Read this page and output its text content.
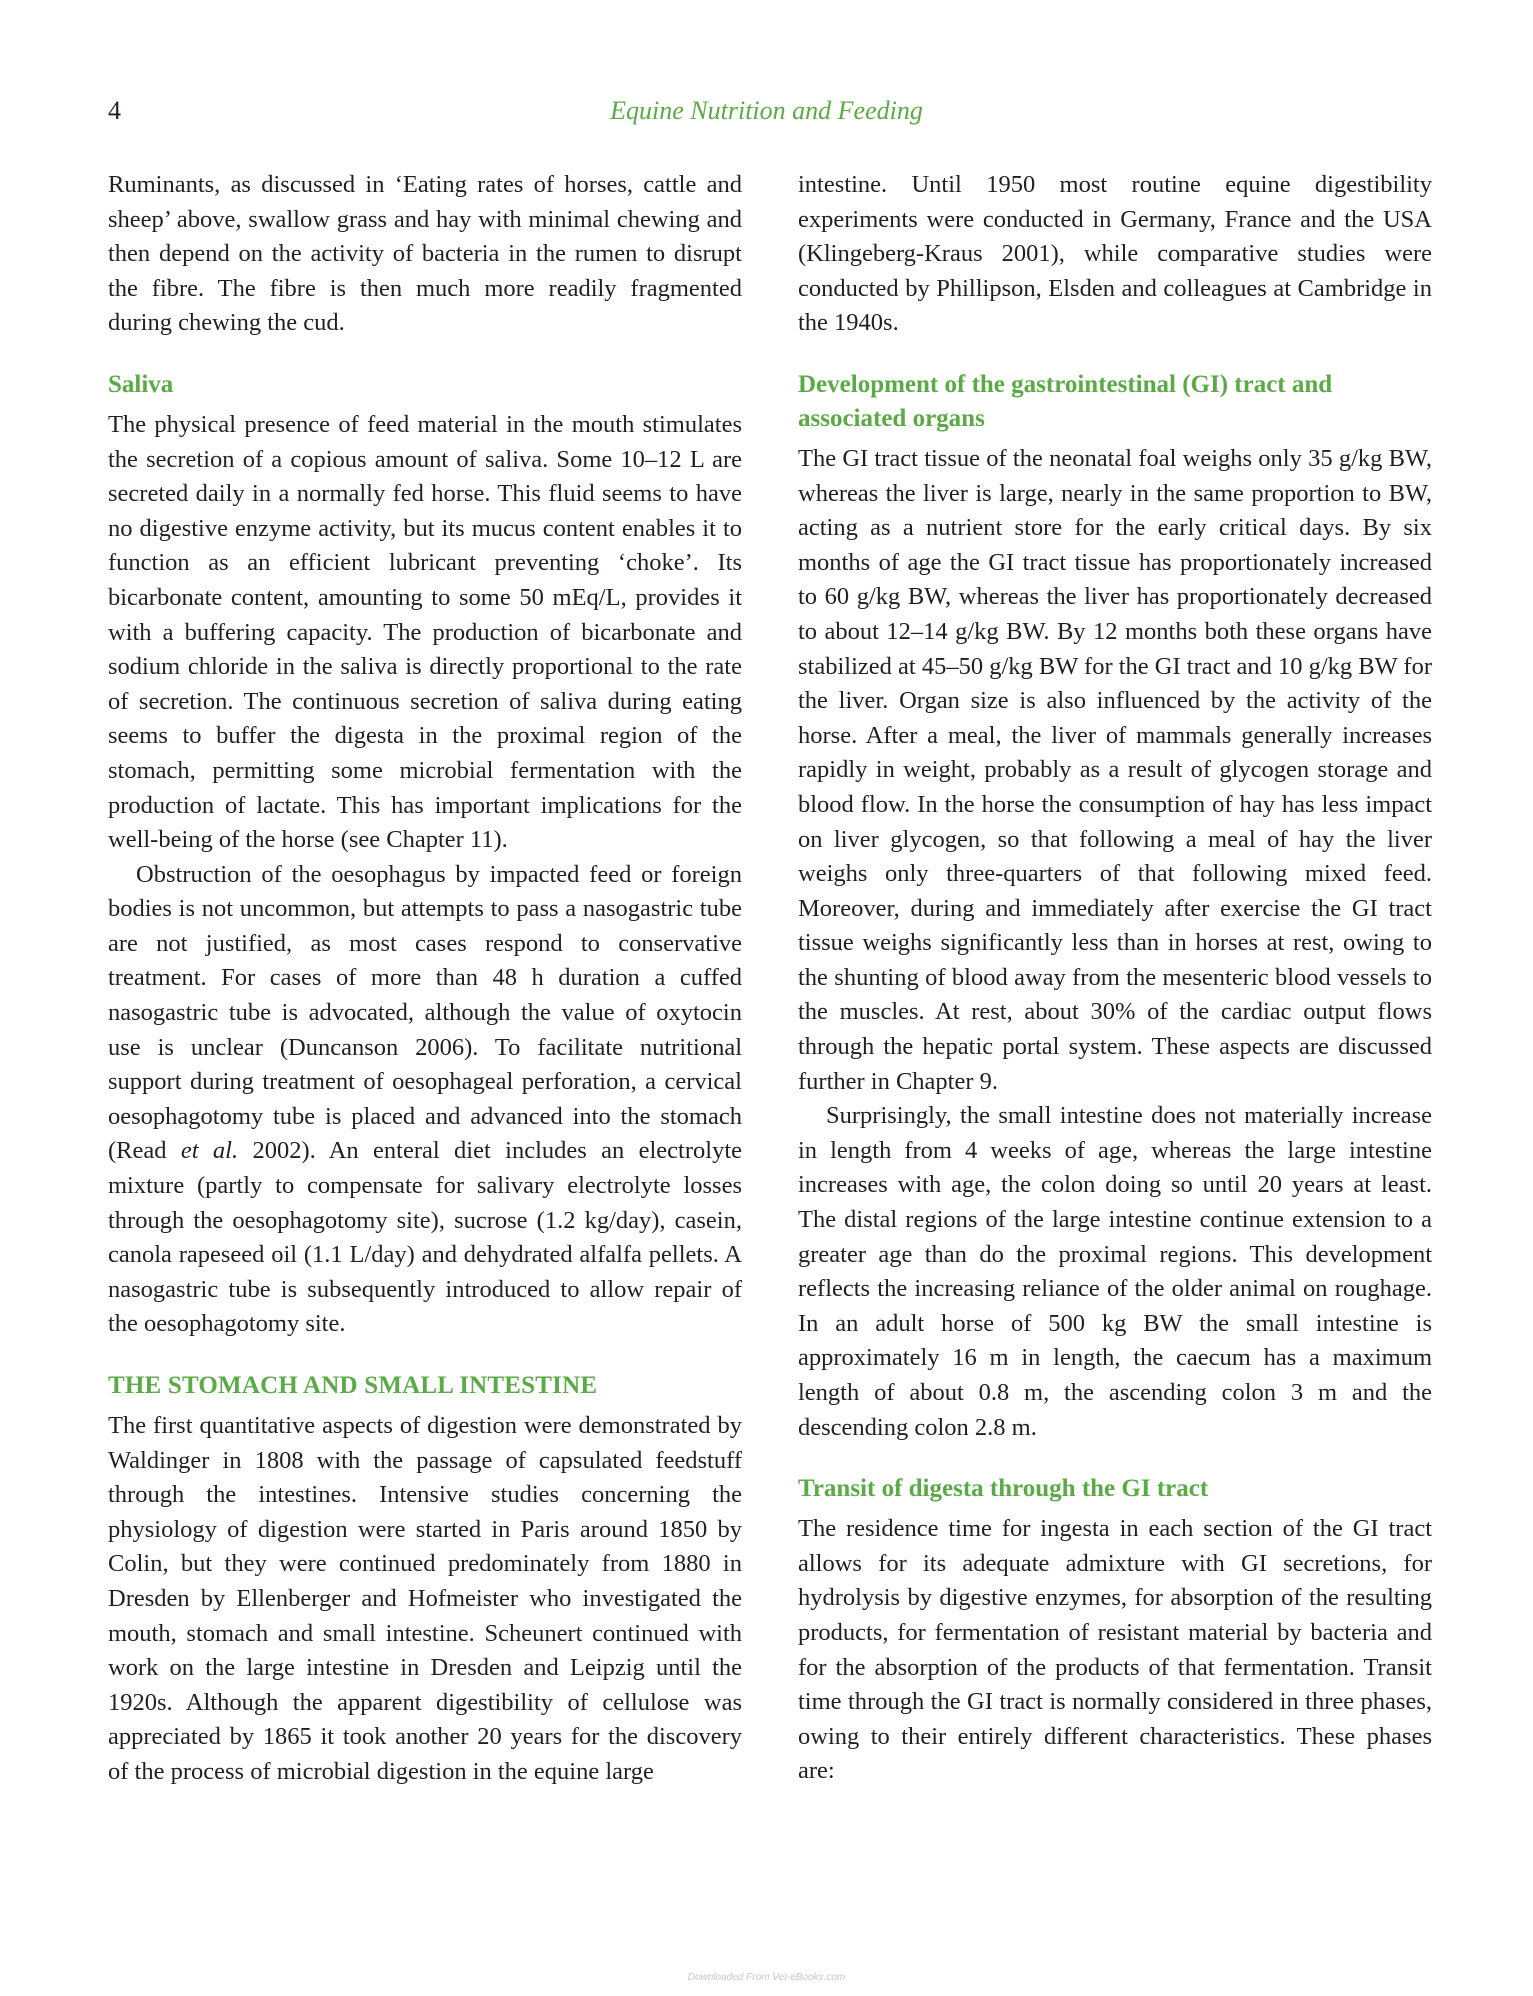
4	Equine Nutrition and Feeding

Ruminants, as discussed in ‘Eating rates of horses, cattle and sheep’ above, swallow grass and hay with minimal chewing and then depend on the activity of bacteria in the rumen to disrupt the fibre. The fibre is then much more readily fragmented during chewing the cud.

Saliva

The physical presence of feed material in the mouth stimulates the secretion of a copious amount of saliva. Some 10–12 L are secreted daily in a normally fed horse. This fluid seems to have no digestive enzyme activity, but its mucus content enables it to function as an efficient lubricant preventing ‘choke’. Its bicarbonate content, amounting to some 50 mEq/L, provides it with a buffering capacity. The production of bicarbonate and sodium chloride in the saliva is directly proportional to the rate of secretion. The continuous secretion of saliva during eating seems to buffer the digesta in the proximal region of the stomach, permitting some microbial fermentation with the production of lactate. This has important implications for the well-being of the horse (see Chapter 11).

Obstruction of the oesophagus by impacted feed or foreign bodies is not uncommon, but attempts to pass a nasogastric tube are not justified, as most cases respond to conservative treatment. For cases of more than 48 h duration a cuffed nasogastric tube is advocated, although the value of oxytocin use is unclear (Duncanson 2006). To facilitate nutritional support during treatment of oesophageal perforation, a cervical oesophagotomy tube is placed and advanced into the stomach (Read et al. 2002). An enteral diet includes an electrolyte mixture (partly to compensate for salivary electrolyte losses through the oesophagotomy site), sucrose (1.2 kg/day), casein, canola rapeseed oil (1.1 L/day) and dehydrated alfalfa pellets. A nasogastric tube is subsequently introduced to allow repair of the oesophagotomy site.

THE STOMACH AND SMALL INTESTINE

The first quantitative aspects of digestion were demonstrated by Waldinger in 1808 with the passage of capsulated feedstuff through the intestines. Intensive studies concerning the physiology of digestion were started in Paris around 1850 by Colin, but they were continued predominately from 1880 in Dresden by Ellenberger and Hofmeister who investigated the mouth, stomach and small intestine. Scheunert continued with work on the large intestine in Dresden and Leipzig until the 1920s. Although the apparent digestibility of cellulose was appreciated by 1865 it took another 20 years for the discovery of the process of microbial digestion in the equine large

intestine. Until 1950 most routine equine digestibility experiments were conducted in Germany, France and the USA (Klingeberg-Kraus 2001), while comparative studies were conducted by Phillipson, Elsden and colleagues at Cambridge in the 1940s.

Development of the gastrointestinal (GI) tract and associated organs

The GI tract tissue of the neonatal foal weighs only 35 g/kg BW, whereas the liver is large, nearly in the same proportion to BW, acting as a nutrient store for the early critical days. By six months of age the GI tract tissue has proportionately increased to 60 g/kg BW, whereas the liver has proportionately decreased to about 12–14 g/kg BW. By 12 months both these organs have stabilized at 45–50 g/kg BW for the GI tract and 10 g/kg BW for the liver. Organ size is also influenced by the activity of the horse. After a meal, the liver of mammals generally increases rapidly in weight, probably as a result of glycogen storage and blood flow. In the horse the consumption of hay has less impact on liver glycogen, so that following a meal of hay the liver weighs only three-quarters of that following mixed feed. Moreover, during and immediately after exercise the GI tract tissue weighs significantly less than in horses at rest, owing to the shunting of blood away from the mesenteric blood vessels to the muscles. At rest, about 30% of the cardiac output flows through the hepatic portal system. These aspects are discussed further in Chapter 9.

Surprisingly, the small intestine does not materially increase in length from 4 weeks of age, whereas the large intestine increases with age, the colon doing so until 20 years at least. The distal regions of the large intestine continue extension to a greater age than do the proximal regions. This development reflects the increasing reliance of the older animal on roughage. In an adult horse of 500 kg BW the small intestine is approximately 16 m in length, the caecum has a maximum length of about 0.8 m, the ascending colon 3 m and the descending colon 2.8 m.

Transit of digesta through the GI tract

The residence time for ingesta in each section of the GI tract allows for its adequate admixture with GI secretions, for hydrolysis by digestive enzymes, for absorption of the resulting products, for fermentation of resistant material by bacteria and for the absorption of the products of that fermentation. Transit time through the GI tract is normally considered in three phases, owing to their entirely different characteristics. These phases are:

Downloaded From Vet-eBooks.com
